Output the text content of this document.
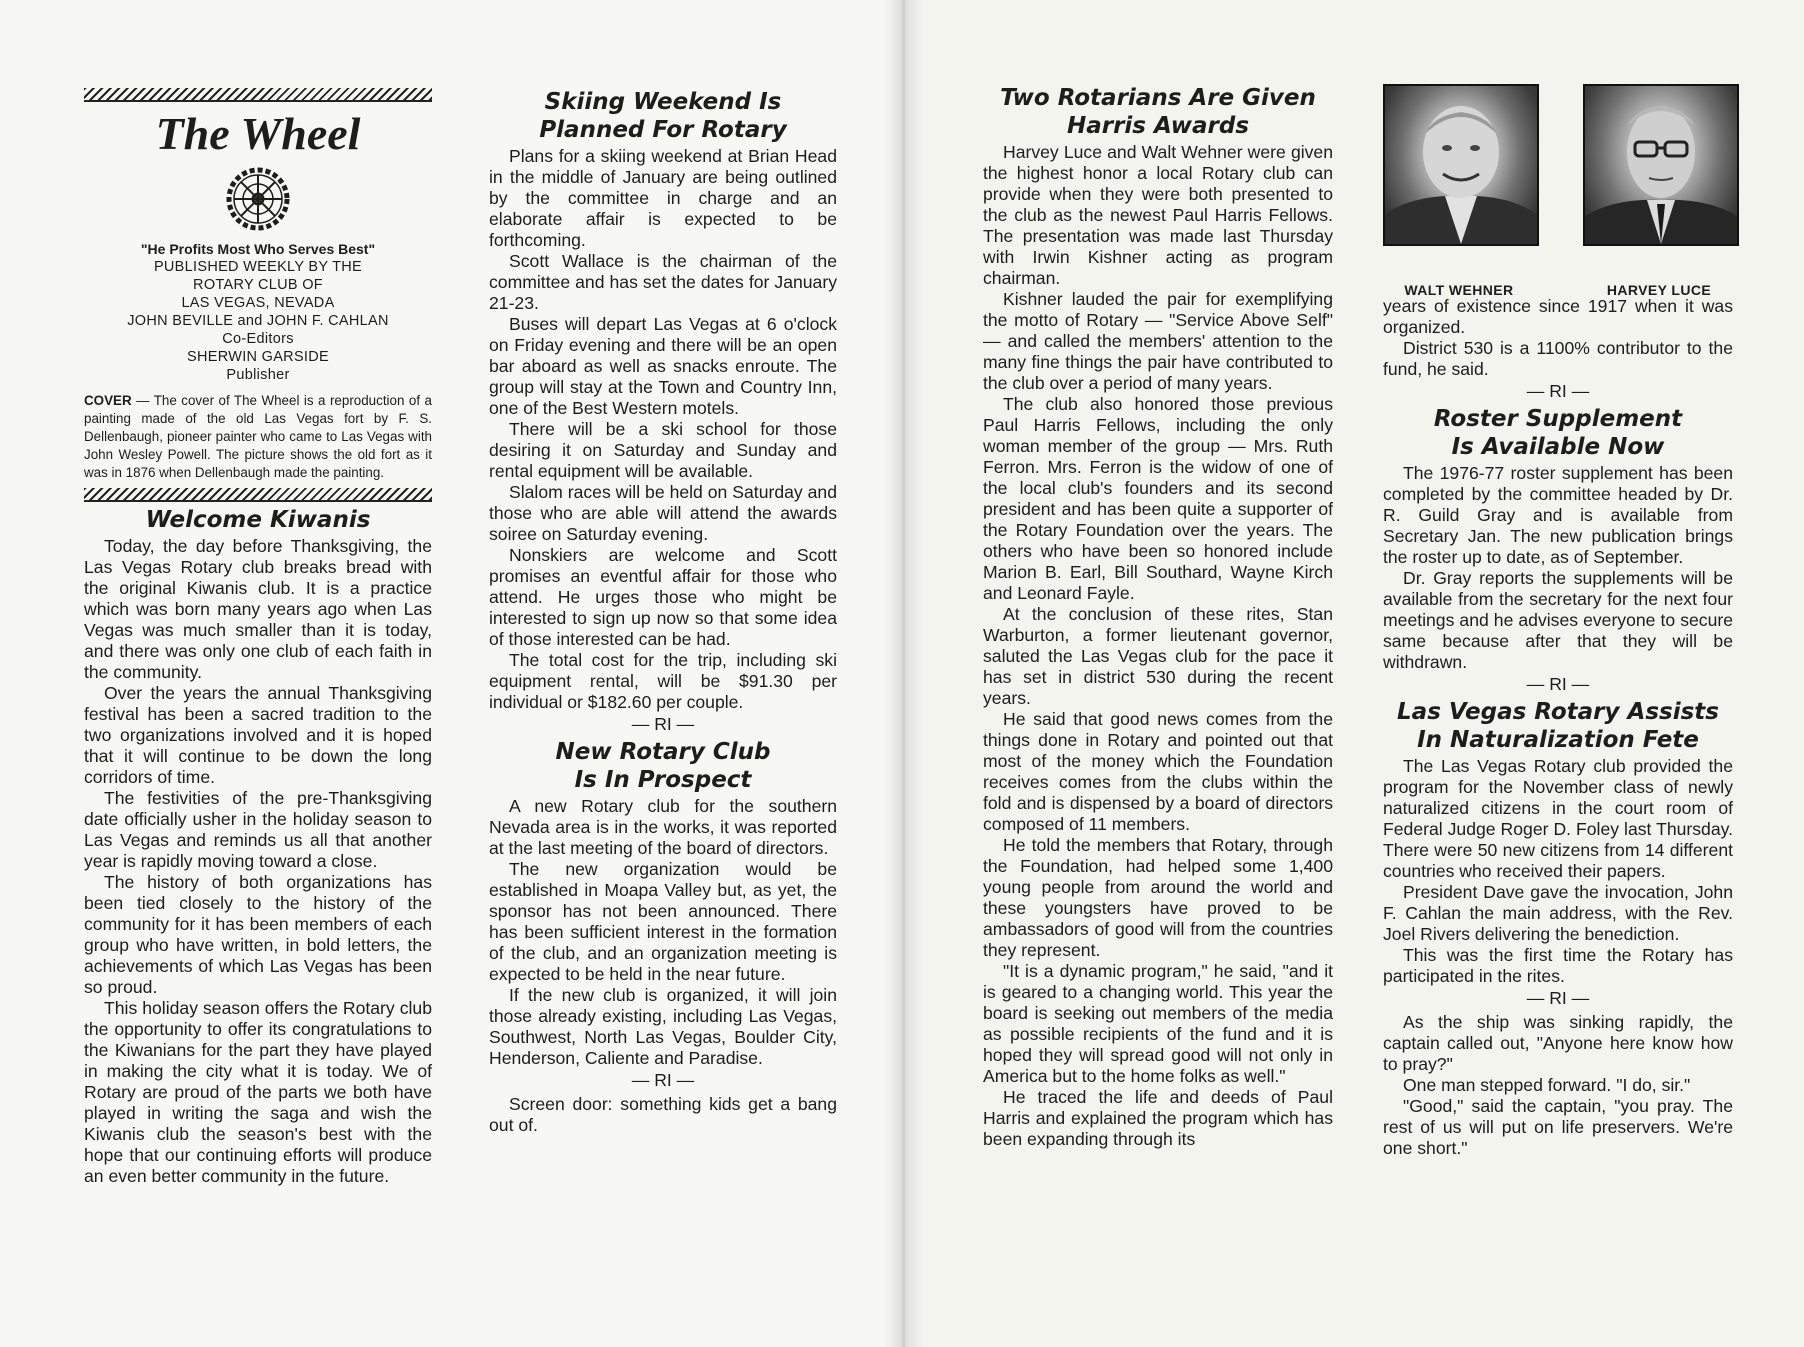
The Wheel
"He Profits Most Who Serves Best"
PUBLISHED WEEKLY BY THE
ROTARY CLUB OF
LAS VEGAS, NEVADA
JOHN BEVILLE and JOHN F. CAHLAN
Co-Editors
SHERWIN GARSIDE
Publisher
COVER — The cover of The Wheel is a reproduction of a painting made of the old Las Vegas fort by F. S. Dellenbaugh, pioneer painter who came to Las Vegas with John Wesley Powell. The picture shows the old fort as it was in 1876 when Dellenbaugh made the painting.
Welcome Kiwanis

Today, the day before Thanksgiving, the Las Vegas Rotary club breaks bread with the original Kiwanis club. It is a practice which was born many years ago when Las Vegas was much smaller than it is today, and there was only one club of each faith in the community.

Over the years the annual Thanksgiving festival has been a sacred tradition to the two organizations involved and it is hoped that it will continue to be down the long corridors of time.

The festivities of the pre-Thanksgiving date officially usher in the holiday season to Las Vegas and reminds us all that another year is rapidly moving toward a close.

The history of both organizations has been tied closely to the history of the community for it has been members of each group who have written, in bold letters, the achievements of which Las Vegas has been so proud.

This holiday season offers the Rotary club the opportunity to offer its congratulations to the Kiwanians for the part they have played in making the city what it is today. We of Rotary are proud of the parts we both have played in writing the saga and wish the Kiwanis club the season's best with the hope that our continuing efforts will produce an even better community in the future.

Skiing Weekend Is
Planned For Rotary

Plans for a skiing weekend at Brian Head in the middle of January are being outlined by the committee in charge and an elaborate affair is expected to be forthcoming.

Scott Wallace is the chairman of the committee and has set the dates for January 21-23.

Buses will depart Las Vegas at 6 o'clock on Friday evening and there will be an open bar aboard as well as snacks enroute. The group will stay at the Town and Country Inn, one of the Best Western motels.

There will be a ski school for those desiring it on Saturday and Sunday and rental equipment will be available.

Slalom races will be held on Saturday and those who are able will attend the awards soiree on Saturday evening.

Nonskiers are welcome and Scott promises an eventful affair for those who attend. He urges those who might be interested to sign up now so that some idea of those interested can be had.

The total cost for the trip, including ski equipment rental, will be $91.30 per individual or $182.60 per couple.

— RI —
New Rotary Club
Is In Prospect

A new Rotary club for the southern Nevada area is in the works, it was reported at the last meeting of the board of directors.

The new organization would be established in Moapa Valley but, as yet, the sponsor has not been announced. There has been sufficient interest in the formation of the club, and an organization meeting is expected to be held in the near future.

If the new club is organized, it will join those already existing, including Las Vegas, Southwest, North Las Vegas, Boulder City, Henderson, Caliente and Paradise.

— RI —

Screen door: something kids get a bang out of.

Two Rotarians Are Given
Harris Awards

Harvey Luce and Walt Wehner were given the highest honor a local Rotary club can provide when they were both presented to the club as the newest Paul Harris Fellows. The presentation was made last Thursday with Irwin Kishner acting as program chairman.

Kishner lauded the pair for exemplifying the motto of Rotary — "Service Above Self" — and called the members' attention to the many fine things the pair have contributed to the club over a period of many years.

The club also honored those previous Paul Harris Fellows, including the only woman member of the group — Mrs. Ruth Ferron. Mrs. Ferron is the widow of one of the local club's founders and its second president and has been quite a supporter of the Rotary Foundation over the years. The others who have been so honored include Marion B. Earl, Bill Southard, Wayne Kirch and Leonard Fayle.

At the conclusion of these rites, Stan Warburton, a former lieutenant governor, saluted the Las Vegas club for the pace it has set in district 530 during the recent years.

He said that good news comes from the things done in Rotary and pointed out that most of the money which the Foundation receives comes from the clubs within the fold and is dispensed by a board of directors composed of 11 members.

He told the members that Rotary, through the Foundation, had helped some 1,400 young people from around the world and these youngsters have proved to be ambassadors of good will from the countries they represent.

"It is a dynamic program," he said, "and it is geared to a changing world. This year the board is seeking out members of the media as possible recipients of the fund and it is hoped they will spread good will not only in America but to the home folks as well."

He traced the life and deeds of Paul Harris and explained the program which has been expanding through its

WALT WEHNER	HARVEY LUCE

years of existence since 1917 when it was organized.

District 530 is a 1100% contributor to the fund, he said.

— RI —
Roster Supplement
Is Available Now

The 1976-77 roster supplement has been completed by the committee headed by Dr. R. Guild Gray and is available from Secretary Jan. The new publication brings the roster up to date, as of September.

Dr. Gray reports the supplements will be available from the secretary for the next four meetings and he advises everyone to secure same because after that they will be withdrawn.

— RI —
Las Vegas Rotary Assists
In Naturalization Fete

The Las Vegas Rotary club provided the program for the November class of newly naturalized citizens in the court room of Federal Judge Roger D. Foley last Thursday. There were 50 new citizens from 14 different countries who received their papers.

President Dave gave the invocation, John F. Cahlan the main address, with the Rev. Joel Rivers delivering the benediction.

This was the first time the Rotary has participated in the rites.

— RI —

As the ship was sinking rapidly, the captain called out, "Anyone here know how to pray?"

One man stepped forward. "I do, sir."

"Good," said the captain, "you pray. The rest of us will put on life preservers. We're one short."
